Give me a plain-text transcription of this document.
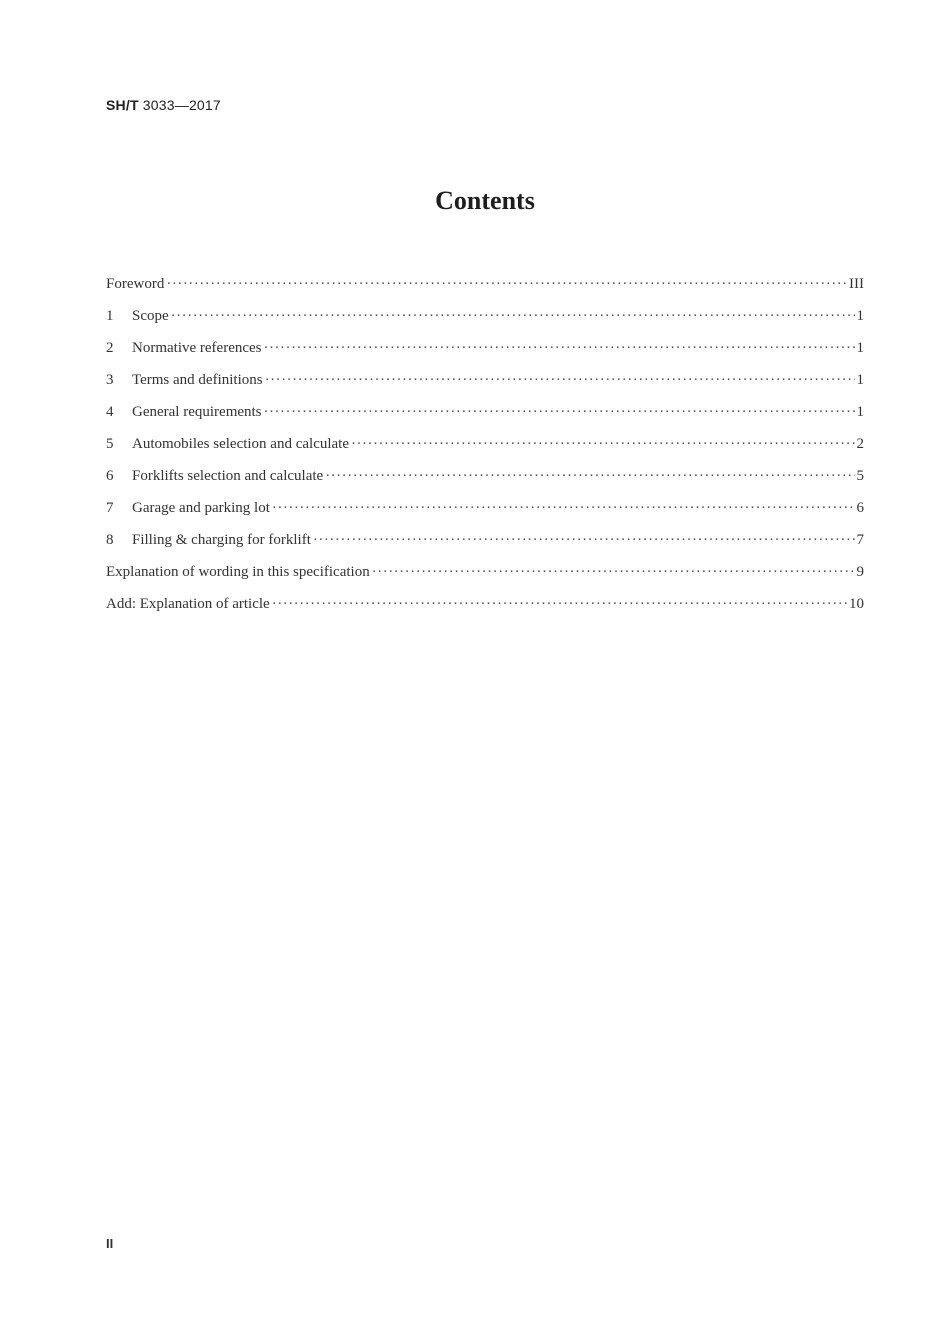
SH/T 3033—2017
Contents
Foreword ·····	III
1	Scope ·····	1
2	Normative references ·····	1
3	Terms and definitions ·····	1
4	General requirements ·····	1
5	Automobiles selection and calculate ·····	2
6	Forklifts selection and calculate ·····	5
7	Garage and parking lot ·····	6
8	Filling & charging for forklift ·····	7
Explanation of wording in this specification ·····	9
Add: Explanation of article ·····	10
II
